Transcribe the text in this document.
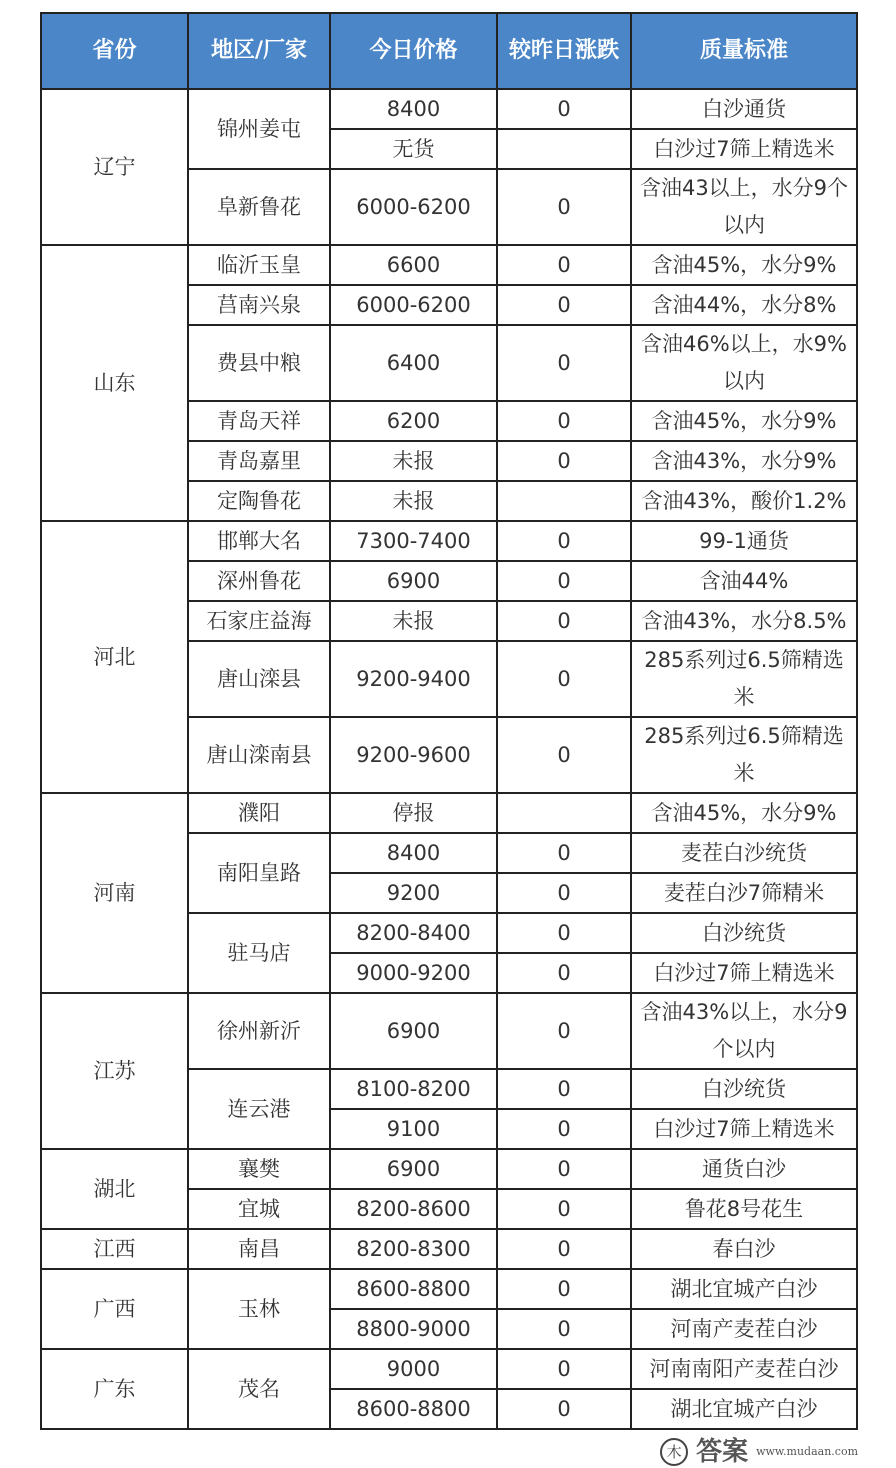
省份	地区/厂家	今日价格	较昨日涨跌	质量标准
辽宁	锦州姜屯	8400	0	白沙通货
		无货		白沙过7筛上精选米
	阜新鲁花	6000-6200	0	含油43以上，水分9个以内
山东	临沂玉皇	6600	0	含油45%，水分9%
	莒南兴泉	6000-6200	0	含油44%，水分8%
	费县中粮	6400	0	含油46%以上，水9%以内
	青岛天祥	6200	0	含油45%，水分9%
	青岛嘉里	未报	0	含油43%，水分9%
	定陶鲁花	未报		含油43%，酸价1.2%
河北	邯郸大名	7300-7400	0	99-1通货
	深州鲁花	6900	0	含油44%
	石家庄益海	未报	0	含油43%，水分8.5%
	唐山滦县	9200-9400	0	285系列过6.5筛精选米
	唐山滦南县	9200-9600	0	285系列过6.5筛精选米
河南	濮阳	停报		含油45%，水分9%
	南阳皇路	8400	0	麦茬白沙统货
		9200	0	麦茬白沙7筛精米
	驻马店	8200-8400	0	白沙统货
		9000-9200	0	白沙过7筛上精选米
江苏	徐州新沂	6900	0	含油43%以上，水分9个以内
	连云港	8100-8200	0	白沙统货
		9100	0	白沙过7筛上精选米
湖北	襄樊	6900	0	通货白沙
	宜城	8200-8600	0	鲁花8号花生
江西	南昌	8200-8300	0	春白沙
广西	玉林	8600-8800	0	湖北宜城产白沙
		8800-9000	0	河南产麦茬白沙
广东	茂名	9000	0	河南南阳产麦茬白沙
		8600-8800	0	湖北宜城产白沙
木 答案 www.mudaan.com
